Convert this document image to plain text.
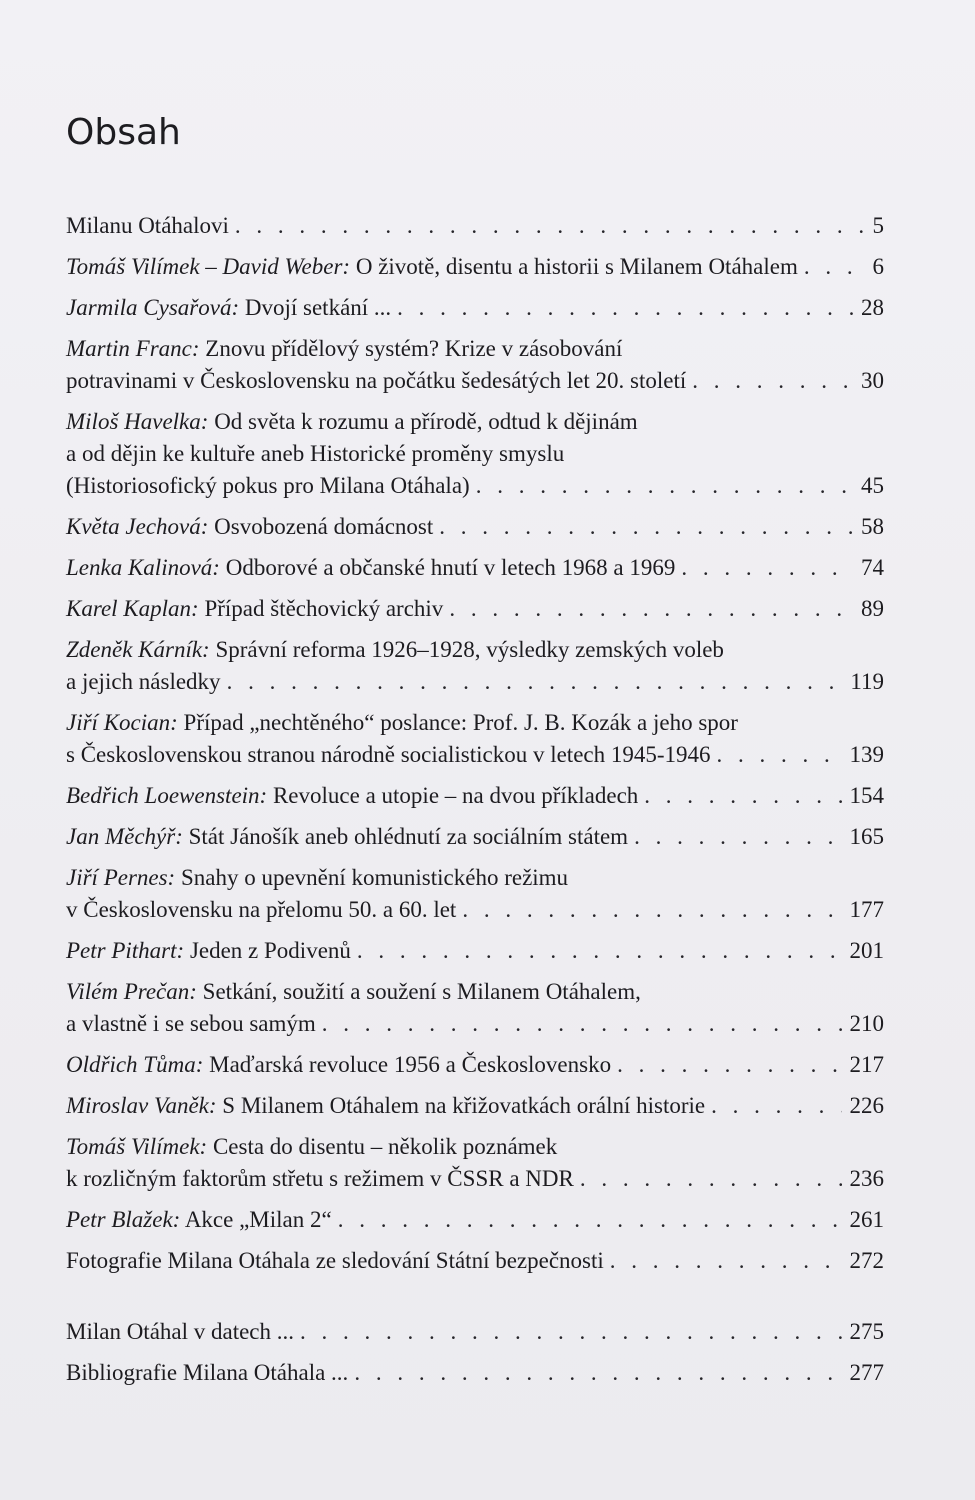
Obsah
Milanu Otáhalovi . . .	5
Tomáš Vilímek – David Weber: O životě, disentu a historii s Milanem Otáhalem . . .	6
Jarmila Cysařová: Dvojí setkání ... . . .	28
Martin Franc: Znovu přídělový systém? Krize v zásobování
potravinami v Československu na počátku šedesátých let 20. století . . .	30
Miloš Havelka: Od světa k rozumu a přírodě, odtud k dějinám
a od dějin ke kultuře aneb Historické proměny smyslu
(Historiosofický pokus pro Milana Otáhala) . . .	45
Květa Jechová: Osvobozená domácnost . . .	58
Lenka Kalinová: Odborové a občanské hnutí v letech 1968 a 1969 . . .	74
Karel Kaplan: Případ štěchovický archiv . . .	89
Zdeněk Kárník: Správní reforma 1926–1928, výsledky zemských voleb
a jejich následky . . .	119
Jiří Kocian: Případ „nechtěného“ poslance: Prof. J. B. Kozák a jeho spor
s Československou stranou národně socialistickou v letech 1945-1946 . . .	139
Bedřich Loewenstein: Revoluce a utopie – na dvou příkladech . . .	154
Jan Měchýř: Stát Jánošík aneb ohlédnutí za sociálním státem . . .	165
Jiří Pernes: Snahy o upevnění komunistického režimu
v Československu na přelomu 50. a 60. let . . .	177
Petr Pithart: Jeden z Podivenů . . .	201
Vilém Prečan: Setkání, soužití a soužení s Milanem Otáhalem,
a vlastně i se sebou samým . . .	210
Oldřich Tůma: Maďarská revoluce 1956 a Československo . . .	217
Miroslav Vaněk: S Milanem Otáhalem na křižovatkách orální historie . . .	226
Tomáš Vilímek: Cesta do disentu – několik poznámek
k rozličným faktorům střetu s režimem v ČSSR a NDR . . .	236
Petr Blažek: Akce „Milan 2“ . . .	261
Fotografie Milana Otáhala ze sledování Státní bezpečnosti . . .	272
Milan Otáhal v datech ... . . .	275
Bibliografie Milana Otáhala ... . . .	277
